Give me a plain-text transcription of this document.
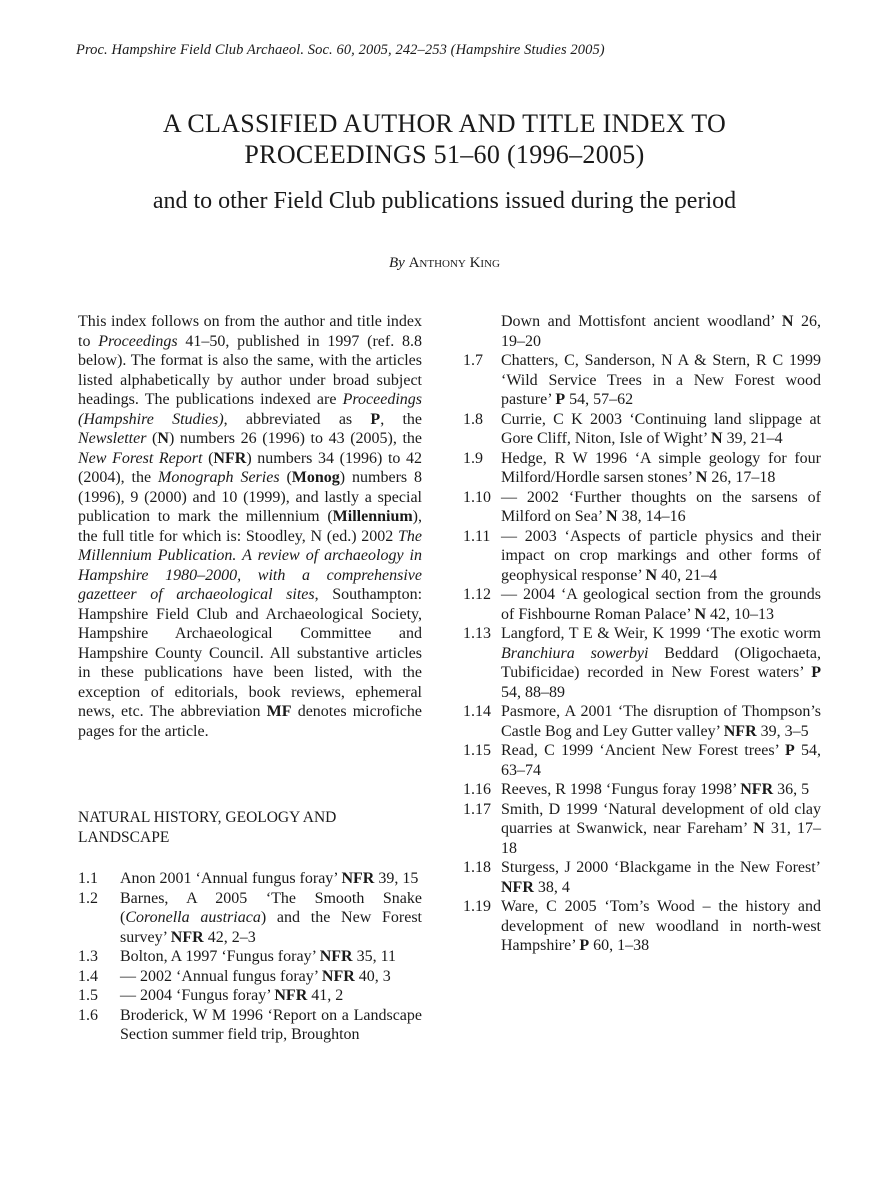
Proc. Hampshire Field Club Archaeol. Soc. 60, 2005, 242–253 (Hampshire Studies 2005)
A CLASSIFIED AUTHOR AND TITLE INDEX TO
PROCEEDINGS 51–60 (1996–2005)
and to other Field Club publications issued during the period
By Anthony King

This index follows on from the author and title index to Proceedings 41–50, published in 1997 (ref. 8.8 below). The format is also the same, with the articles listed alphabetically by author under broad subject headings. The publications indexed are Proceedings (Hampshire Studies), abbreviated as P, the Newsletter (N) numbers 26 (1996) to 43 (2005), the New Forest Report (NFR) numbers 34 (1996) to 42 (2004), the Monograph Series (Monog) numbers 8 (1996), 9 (2000) and 10 (1999), and lastly a special publication to mark the millennium (Millennium), the full title for which is: Stoodley, N (ed.) 2002 The Millennium Publication. A review of archaeology in Hampshire 1980–2000, with a comprehensive gazetteer of archaeological sites, Southampton: Hampshire Field Club and Archaeological Society, Hampshire Archaeological Committee and Hampshire County Council. All substantive articles in these publications have been listed, with the exception of editorials, book reviews, ephemeral news, etc. The abbreviation MF denotes microfiche pages for the article.

NATURAL HISTORY, GEOLOGY AND LANDSCAPE
1.1	Anon 2001 ‘Annual fungus foray’ NFR 39, 15
1.2	Barnes, A 2005 ‘The Smooth Snake (Coronella austriaca) and the New Forest survey’ NFR 42, 2–3
1.3	Bolton, A 1997 ‘Fungus foray’ NFR 35, 11
1.4	— 2002 ‘Annual fungus foray’ NFR 40, 3
1.5	— 2004 ‘Fungus foray’ NFR 41, 2
1.6	Broderick, W M 1996 ‘Report on a Landscape Section summer field trip, Broughton
Down and Mottisfont ancient woodland’ N 26, 19–20
1.7	Chatters, C, Sanderson, N A & Stern, R C 1999 ‘Wild Service Trees in a New Forest wood pasture’ P 54, 57–62
1.8	Currie, C K 2003 ‘Continuing land slippage at Gore Cliff, Niton, Isle of Wight’ N 39, 21–4
1.9	Hedge, R W 1996 ‘A simple geology for four Milford/Hordle sarsen stones’ N 26, 17–18
1.10 — 2002 ‘Further thoughts on the sarsens of Milford on Sea’ N 38, 14–16
1.11 — 2003 ‘Aspects of particle physics and their impact on crop markings and other forms of geophysical response’ N 40, 21–4
1.12 — 2004 ‘A geological section from the grounds of Fishbourne Roman Palace’ N 42, 10–13
1.13 Langford, T E & Weir, K 1999 ‘The exotic worm Branchiura sowerbyi Beddard (Oligochaeta, Tubificidae) recorded in New Forest waters’ P 54, 88–89
1.14 Pasmore, A 2001 ‘The disruption of Thompson’s Castle Bog and Ley Gutter valley’ NFR 39, 3–5
1.15 Read, C 1999 ‘Ancient New Forest trees’ P 54, 63–74
1.16 Reeves, R 1998 ‘Fungus foray 1998’ NFR 36, 5
1.17 Smith, D 1999 ‘Natural development of old clay quarries at Swanwick, near Fareham’ N 31, 17–18
1.18 Sturgess, J 2000 ‘Blackgame in the New Forest’ NFR 38, 4
1.19 Ware, C 2005 ‘Tom’s Wood – the history and development of new woodland in north-west Hampshire’ P 60, 1–38
